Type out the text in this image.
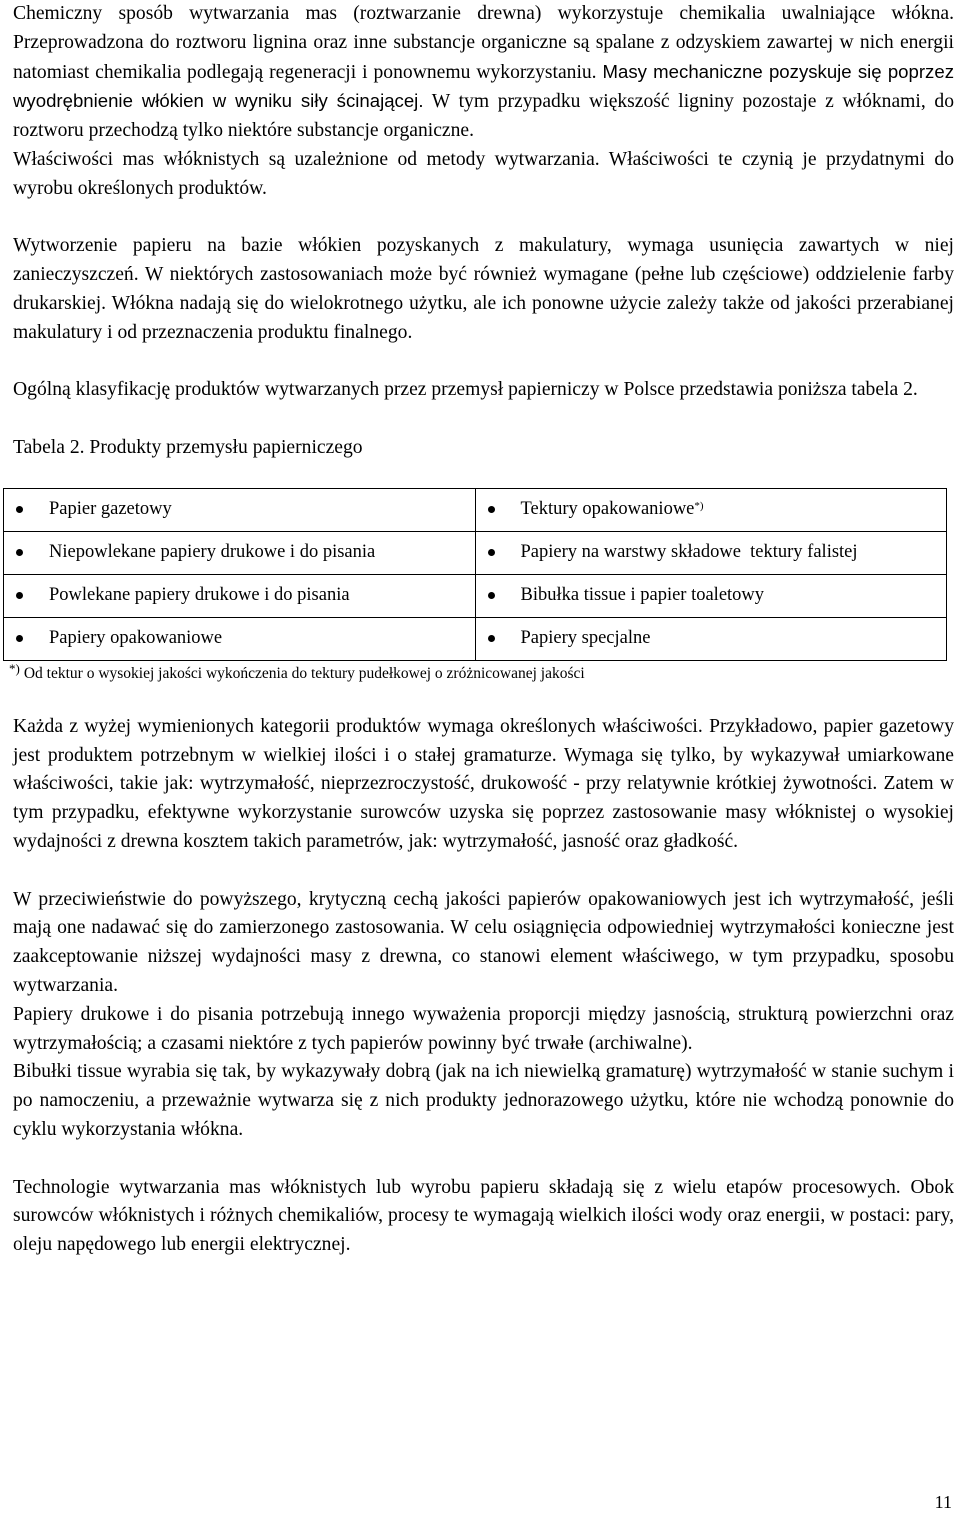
Chemiczny sposób wytwarzania mas (roztwarzanie drewna) wykorzystuje chemikalia uwalniające włókna. Przeprowadzona do roztworu lignina oraz inne substancje organiczne są spalane z odzyskiem zawartej w nich energii natomiast chemikalia podlegają regeneracji i ponownemu wykorzystaniu. Masy mechaniczne pozyskuje się poprzez wyodrębnienie włókien w wyniku siły ścinającej. W tym przypadku większość ligniny pozostaje z włóknami, do roztworu przechodzą tylko niektóre substancje organiczne.

Właściwości mas włóknistych są uzależnione od metody wytwarzania. Właściwości te czynią je przydatnymi do wyrobu określonych produktów.

Wytworzenie papieru na bazie włókien pozyskanych z makulatury, wymaga usunięcia zawartych w niej zanieczyszczeń. W niektórych zastosowaniach może być również wymagane (pełne lub częściowe) oddzielenie farby drukarskiej. Włókna nadają się do wielokrotnego użytku, ale ich ponowne użycie zależy także od jakości przerabianej makulatury i od przeznaczenia produktu finalnego.

Ogólną klasyfikację produktów wytwarzanych przez przemysł papierniczy w Polsce przedstawia poniższa tabela 2.

Tabela 2. Produkty przemysłu papierniczego

Papier gazetowy	Tektury opakowaniowe*)

Niepowlekane papiery drukowe i do pisania	Papiery na warstwy składowe  tektury falistej

Powlekane papiery drukowe i do pisania	Bibułka tissue i papier toaletowy

Papiery opakowaniowe	Papiery specjalne
*) Od tektur o wysokiej jakości wykończenia do tektury pudełkowej o zróżnicowanej jakości

Każda z wyżej wymienionych kategorii produktów wymaga określonych właściwości. Przykładowo, papier gazetowy jest produktem potrzebnym w wielkiej ilości i o stałej gramaturze. Wymaga się tylko, by wykazywał umiarkowane właściwości, takie jak: wytrzymałość, nieprzezroczystość, drukowość - przy relatywnie krótkiej żywotności. Zatem w tym przypadku, efektywne wykorzystanie surowców uzyska się poprzez zastosowanie masy włóknistej o wysokiej wydajności z drewna kosztem takich parametrów, jak: wytrzymałość, jasność oraz gładkość.

W przeciwieństwie do powyższego, krytyczną cechą jakości papierów opakowaniowych jest ich wytrzymałość, jeśli mają one nadawać się do zamierzonego zastosowania. W celu osiągnięcia odpowiedniej wytrzymałości konieczne jest zaakceptowanie niższej wydajności masy z drewna, co stanowi element właściwego, w tym przypadku, sposobu wytwarzania.

Papiery drukowe i do pisania potrzebują innego wyważenia proporcji między jasnością, strukturą powierzchni oraz wytrzymałością; a czasami niektóre z tych papierów powinny być trwałe (archiwalne).

Bibułki tissue wyrabia się tak, by wykazywały dobrą (jak na ich niewielką gramaturę) wytrzymałość w stanie suchym i po namoczeniu, a przeważnie wytwarza się z nich produkty jednorazowego użytku, które nie wchodzą ponownie do cyklu wykorzystania włókna.

Technologie wytwarzania mas włóknistych lub wyrobu papieru składają się z wielu etapów procesowych. Obok surowców włóknistych i różnych chemikaliów, procesy te wymagają wielkich ilości wody oraz energii, w postaci: pary, oleju napędowego lub energii elektrycznej.

11
